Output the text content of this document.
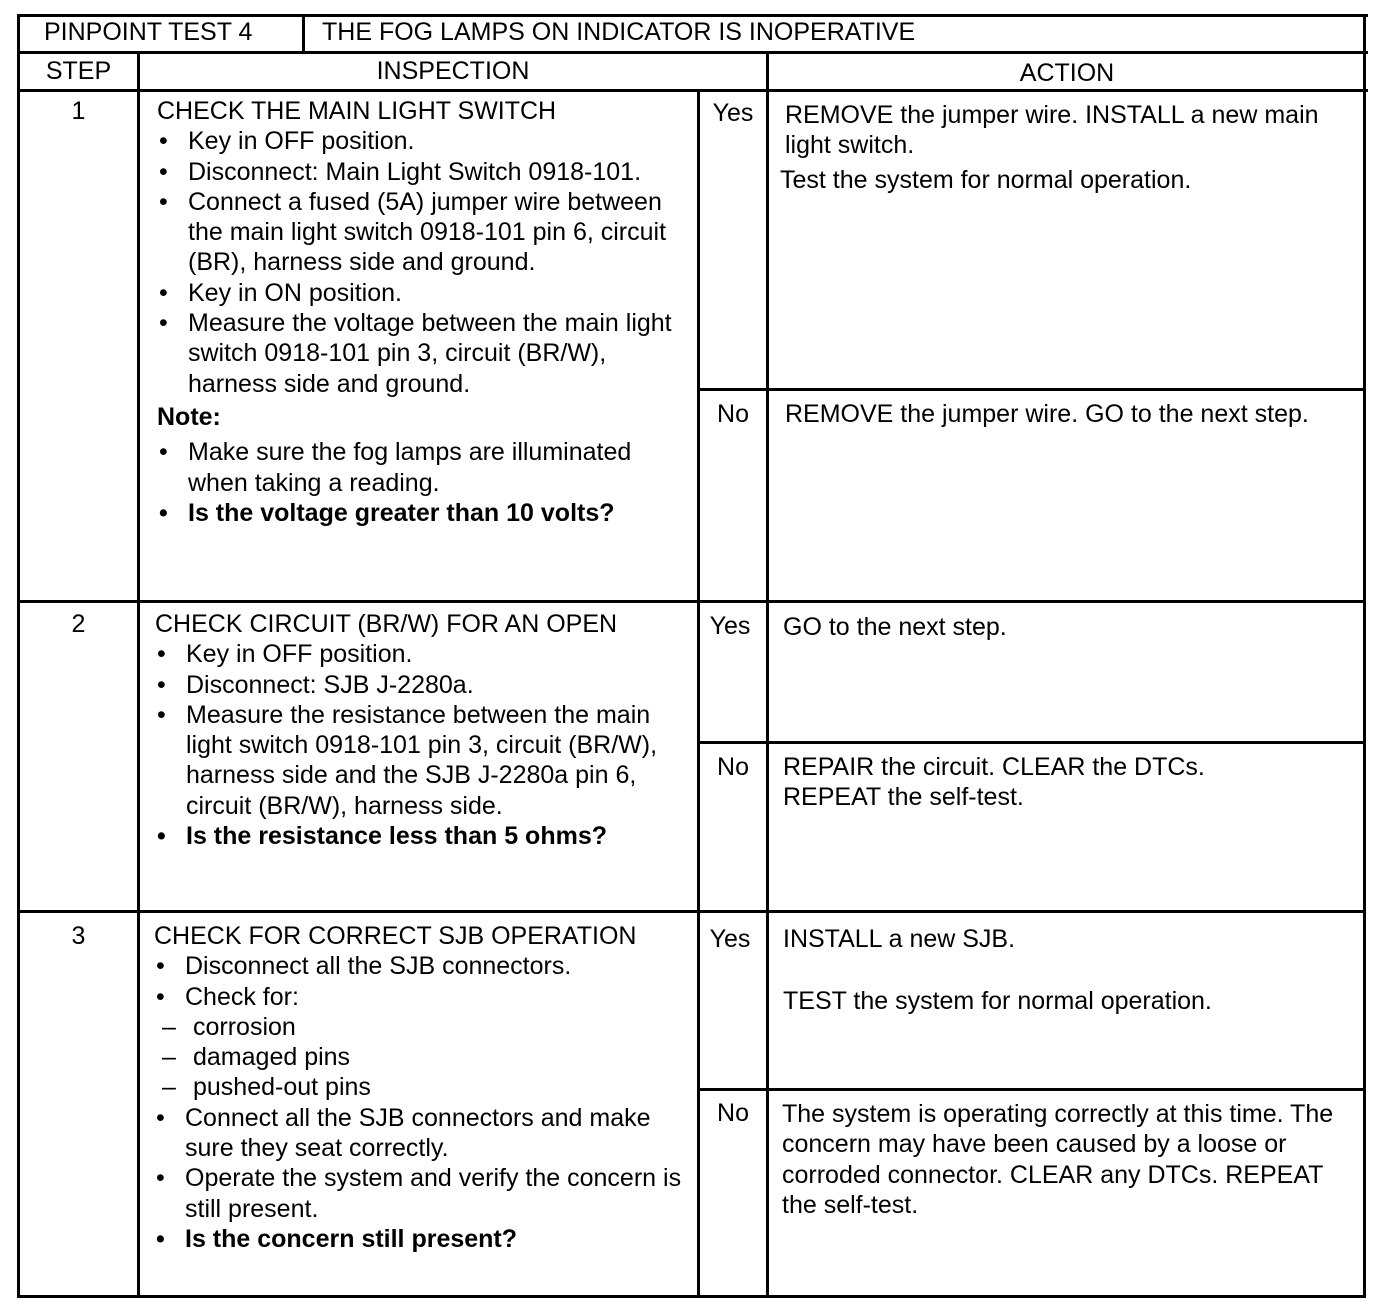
PINPOINT TEST 4	THE FOG LAMPS ON INDICATOR IS INOPERATIVE
STEP	INSPECTION	ACTION
1	CHECK THE MAIN LIGHT SWITCH
• Key in OFF position.
• Disconnect: Main Light Switch 0918-101.
• Connect a fused (5A) jumper wire between the main light switch 0918-101 pin 6, circuit (BR), harness side and ground.
• Key in ON position.
• Measure the voltage between the main light switch 0918-101 pin 3, circuit (BR/W), harness side and ground.
Note:
• Make sure the fog lamps are illuminated when taking a reading.
• Is the voltage greater than 10 volts?
Yes	REMOVE the jumper wire. INSTALL a new main light switch.
Test the system for normal operation.
No	REMOVE the jumper wire. GO to the next step.
2	CHECK CIRCUIT (BR/W) FOR AN OPEN
• Key in OFF position.
• Disconnect: SJB J-2280a.
• Measure the resistance between the main light switch 0918-101 pin 3, circuit (BR/W), harness side and the SJB J-2280a pin 6, circuit (BR/W), harness side.
• Is the resistance less than 5 ohms?
Yes	GO to the next step.
No	REPAIR the circuit. CLEAR the DTCs. REPEAT the self-test.
3	CHECK FOR CORRECT SJB OPERATION
• Disconnect all the SJB connectors.
• Check for:
– corrosion
– damaged pins
– pushed-out pins
• Connect all the SJB connectors and make sure they seat correctly.
• Operate the system and verify the concern is still present.
• Is the concern still present?
Yes	INSTALL a new SJB.
TEST the system for normal operation.
No	The system is operating correctly at this time. The concern may have been caused by a loose or corroded connector. CLEAR any DTCs. REPEAT the self-test.
